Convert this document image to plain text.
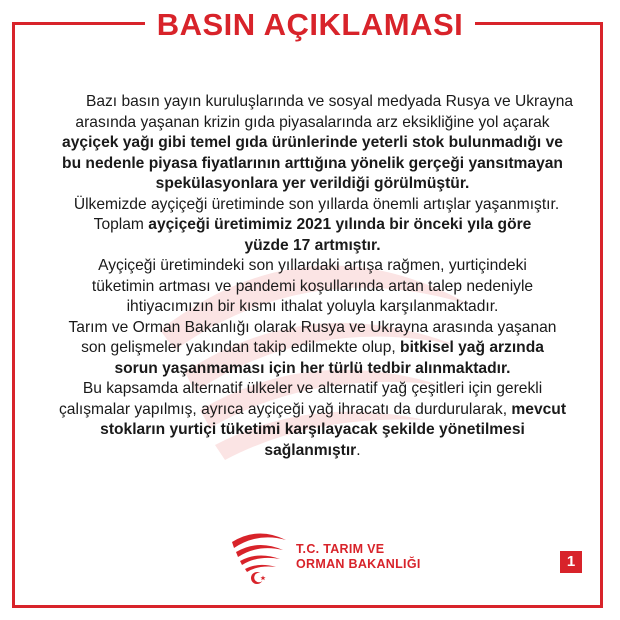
BASIN AÇIKLAMASI

Bazı basın yayın kuruluşlarında ve sosyal medyada Rusya ve Ukrayna

arasında yaşanan krizin gıda piyasalarında arz eksikliğine yol açarak

ayçiçek yağı gibi temel gıda ürünlerinde yeterli stok bulunmadığı ve

bu nedenle piyasa fiyatlarının arttığına yönelik gerçeği yansıtmayan

spekülasyonlara yer verildiği görülmüştür.

Ülkemizde ayçiçeği üretiminde son yıllarda önemli artışlar yaşanmıştır.

Toplam ayçiçeği üretimimiz 2021 yılında bir önceki yıla göre

yüzde 17 artmıştır.

Ayçiçeği üretimindeki son yıllardaki artışa rağmen, yurtiçindeki

tüketimin artması ve pandemi koşullarında artan talep nedeniyle

ihtiyacımızın bir kısmı ithalat yoluyla karşılanmaktadır.

Tarım ve Orman Bakanlığı olarak Rusya ve Ukrayna arasında yaşanan

son gelişmeler yakından takip edilmekte olup, bitkisel yağ arzında

sorun yaşanmaması için her türlü tedbir alınmaktadır.

Bu kapsamda alternatif ülkeler ve alternatif yağ çeşitleri için gerekli

çalışmalar yapılmış, ayrıca ayçiçeği yağ ihracatı da durdurularak, mevcut

stokların yurtiçi tüketimi karşılayacak şekilde yönetilmesi

sağlanmıştır.

T.C. TARIM VE
ORMAN BAKANLIĞI	1
